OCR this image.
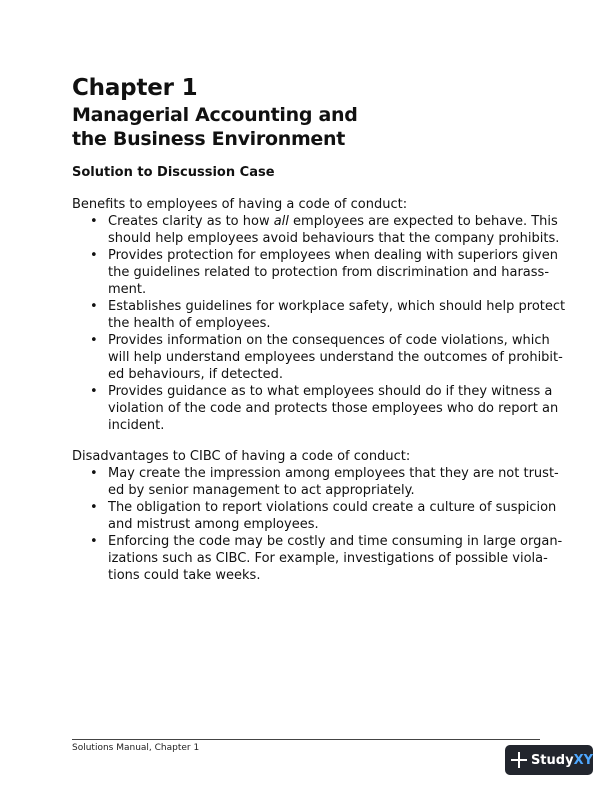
Chapter 1
Managerial Accounting and
the Business Environment
Solution to Discussion Case
Benefits to employees of having a code of conduct:
• Creates clarity as to how all employees are expected to behave. This
should help employees avoid behaviours that the company prohibits.
• Provides protection for employees when dealing with superiors given
the guidelines related to protection from discrimination and harass-
ment.
• Establishes guidelines for workplace safety, which should help protect
the health of employees.
• Provides information on the consequences of code violations, which
will help understand employees understand the outcomes of prohibit-
ed behaviours, if detected.
• Provides guidance as to what employees should do if they witness a
violation of the code and protects those employees who do report an
incident.
Disadvantages to CIBC of having a code of conduct:
• May create the impression among employees that they are not trust-
ed by senior management to act appropriately.
• The obligation to report violations could create a culture of suspicion
and mistrust among employees.
• Enforcing the code may be costly and time consuming in large organ-
izations such as CIBC. For example, investigations of possible viola-
tions could take weeks.
Solutions Manual, Chapter 1
StudyXY
